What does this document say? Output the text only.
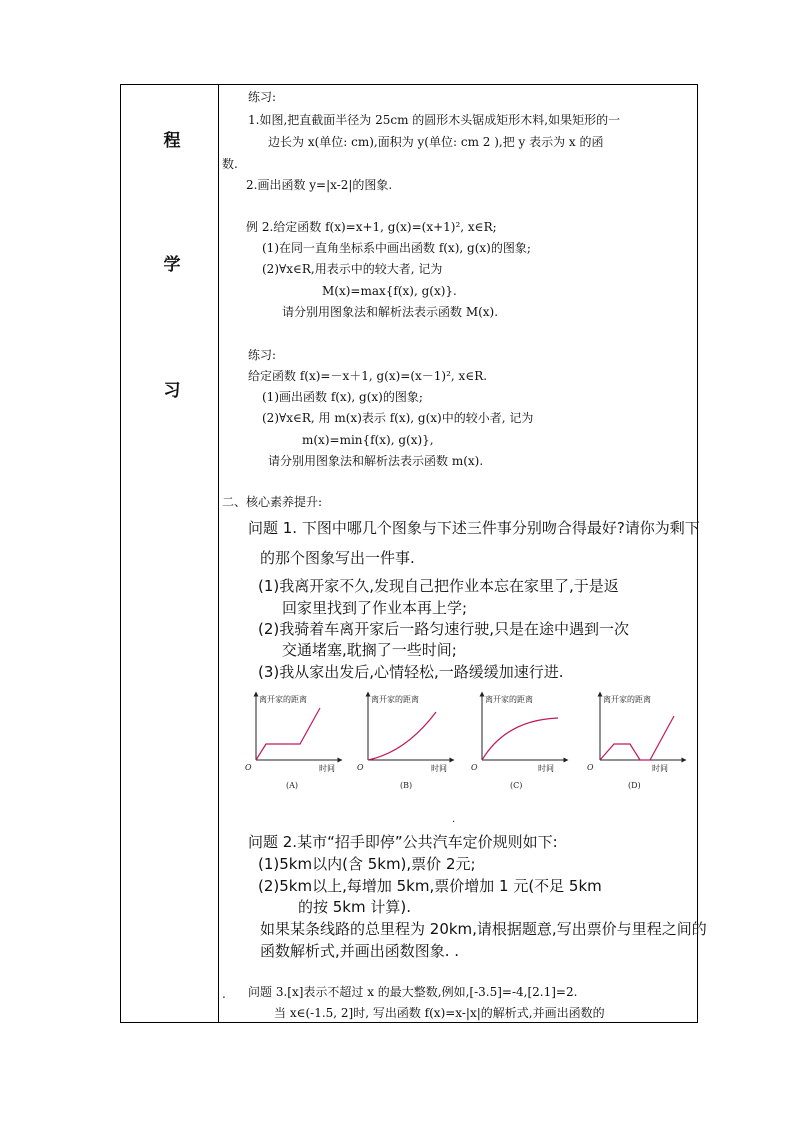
程
学
习
练习:
1.如图,把直截面半径为 25cm 的圆形木头锯成矩形木料,如果矩形的一
边长为 x(单位: cm),面积为 y(单位: cm 2 ),把 y 表示为 x 的函
数.
2.画出函数 y=|x-2|的图象.
例 2.给定函数 f(x)=x+1, g(x)=(x+1)², x∈R;
(1)在同一直角坐标系中画出函数 f(x), g(x)的图象;
(2)∀x∈R,用表示中的较大者, 记为
M(x)=max{f(x), g(x)}.
请分别用图象法和解析法表示函数 M(x).
练习:
给定函数 f(x)=－x＋1, g(x)=(x－1)², x∈R.
(1)画出函数 f(x), g(x)的图象;
(2)∀x∈R, 用 m(x)表示 f(x), g(x)中的较小者, 记为
m(x)=min{f(x), g(x)},
请分别用图象法和解析法表示函数 m(x).
二、核心素养提升:
问题 1. 下图中哪几个图象与下述三件事分别吻合得最好?请你为剩下
的那个图象写出一件事.
(1)我离开家不久,发现自己把作业本忘在家里了,于是返
回家里找到了作业本再上学;
(2)我骑着车离开家后一路匀速行驶,只是在途中遇到一次
交通堵塞,耽搁了一些时间;
(3)我从家出发后,心情轻松,一路缓缓加速行进.
离开家的距离
时间
O
(A)
离开家的距离
时间
O
(B)
离开家的距离
时间
O
(C)
离开家的距离
时间
O
(D)
.
问题 2.某市“招手即停”公共汽车定价规则如下:
(1)5km以内(含 5km),票价 2元;
(2)5km以上,每增加 5km,票价增加 1 元(不足 5km
的按 5km 计算).
如果某条线路的总里程为 20km,请根据题意,写出票价与里程之间的
函数解析式,并画出函数图象. .
. 问题 3.[x]表示不超过 x 的最大整数,例如,[-3.5]=-4,[2.1]=2.
当 x∈(-1.5, 2]时, 写出函数 f(x)=x-|x|的解析式,并画出函数的
